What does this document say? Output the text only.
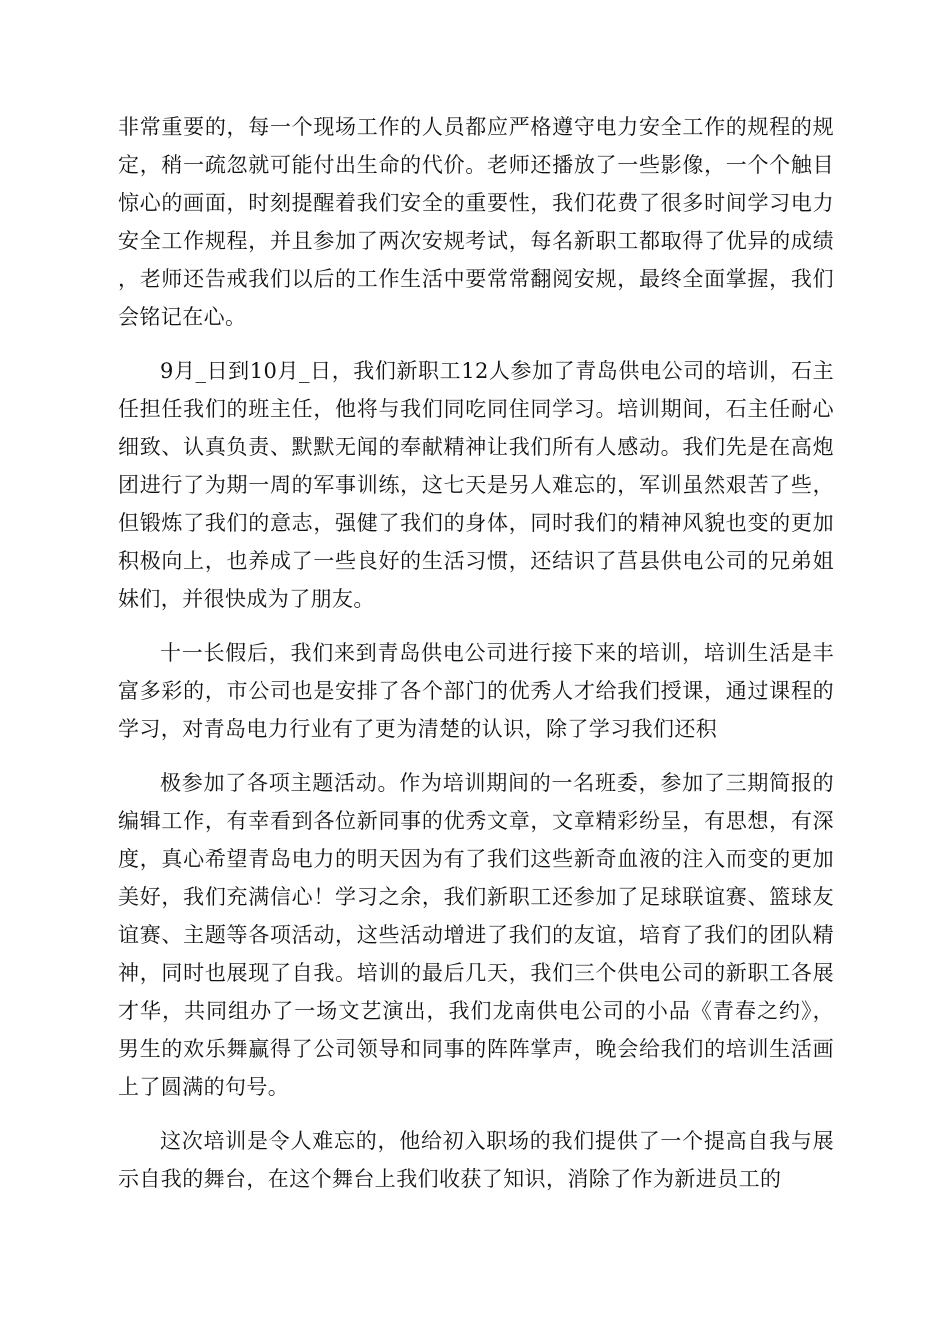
非常重要的，每一个现场工作的人员都应严格遵守电力安全工作的规程的规定，稍一疏忽就可能付出生命的代价。老师还播放了一些影像，一个个触目惊心的画面，时刻提醒着我们安全的重要性，我们花费了很多时间学习电力安全工作规程，并且参加了两次安规考试，每名新职工都取得了优异的成绩，老师还告戒我们以后的工作生活中要常常翻阅安规，最终全面掌握，我们会铭记在心。

9月_日到10月_日，我们新职工12人参加了青岛供电公司的培训，石主任担任我们的班主任，他将与我们同吃同住同学习。培训期间，石主任耐心细致、认真负责、默默无闻的奉献精神让我们所有人感动。我们先是在高炮团进行了为期一周的军事训练，这七天是另人难忘的，军训虽然艰苦了些，但锻炼了我们的意志，强健了我们的身体，同时我们的精神风貌也变的更加积极向上，也养成了一些良好的生活习惯，还结识了莒县供电公司的兄弟姐妹们，并很快成为了朋友。

十一长假后，我们来到青岛供电公司进行接下来的培训，培训生活是丰富多彩的，市公司也是安排了各个部门的优秀人才给我们授课，通过课程的学习，对青岛电力行业有了更为清楚的认识，除了学习我们还积

极参加了各项主题活动。作为培训期间的一名班委，参加了三期简报的编辑工作，有幸看到各位新同事的优秀文章，文章精彩纷呈，有思想，有深度，真心希望青岛电力的明天因为有了我们这些新奇血液的注入而变的更加美好，我们充满信心！学习之余，我们新职工还参加了足球联谊赛、篮球友谊赛、主题等各项活动，这些活动增进了我们的友谊，培育了我们的团队精神，同时也展现了自我。培训的最后几天，我们三个供电公司的新职工各展才华，共同组办了一场文艺演出，我们龙南供电公司的小品《青春之约》，男生的欢乐舞赢得了公司领导和同事的阵阵掌声，晚会给我们的培训生活画上了圆满的句号。

这次培训是令人难忘的，他给初入职场的我们提供了一个提高自我与展示自我的舞台，在这个舞台上我们收获了知识，消除了作为新进员工的
